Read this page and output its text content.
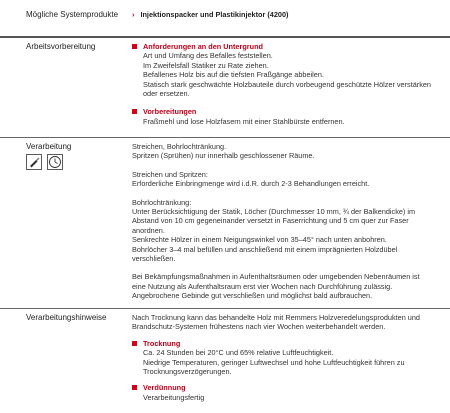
Mögliche Systemprodukte	› Injektionspacker und Plastikinjektor (4200)

Arbeitsvorbereitung	Anforderungen an den Untergrund

Art und Umfang des Befalles feststellen.

Im Zweifelsfall Statiker zu Rate ziehen.

Befallenes Holz bis auf die tiefsten Fraßgänge abbeilen.

Statisch stark geschwächte Holzbauteile durch vorbeugend geschützte Hölzer verstärken

oder ersetzen.

Vorbereitungen

Fraßmehl und lose Holzfasern mit einer Stahlbürste entfernen.

Verarbeitung	Streichen, Bohrlochtränkung.

Spritzen (Sprühen) nur innerhalb geschlossener Räume.

Streichen und Spritzen:

Erforderliche Einbringmenge wird i.d.R. durch 2-3 Behandlungen erreicht.

Bohrlochtränkung:

Unter Berücksichtigung der Statik, Löcher (Durchmesser 10 mm, ¾ der Balkendicke) im

Abstand von 10 cm gegeneinander versetzt in Faserrichtung und 5 cm quer zur Faser

anordnen.

Senkrechte Hölzer in einem Neigungswinkel von 35–45° nach unten anbohren.

Bohrlöcher 3–4 mal befüllen und anschließend mit einem imprägnierten Holzdübel

verschließen.

Bei Bekämpfungsmaßnahmen in Aufenthaltsräumen oder umgebenden Nebenräumen ist

eine Nutzung als Aufenthaltsraum erst vier Wochen nach Durchführung zulässig.

Angebrochene Gebinde gut verschließen und möglichst bald aufbrauchen.

Verarbeitungshinweise	Nach Trocknung kann das behandelte Holz mit Remmers Holzveredelungsprodukten und

Brandschutz-Systemen frühestens nach vier Wochen weiterbehandelt werden.

Trocknung

Ca. 24 Stunden bei 20°C und 65% relative Luftfeuchtigkeit.

Niedrige Temperaturen, geringer Luftwechsel und hohe Luftfeuchtigkeit führen zu

Trocknungsverzögerungen.

Verdünnung

Verarbeitungsfertig
